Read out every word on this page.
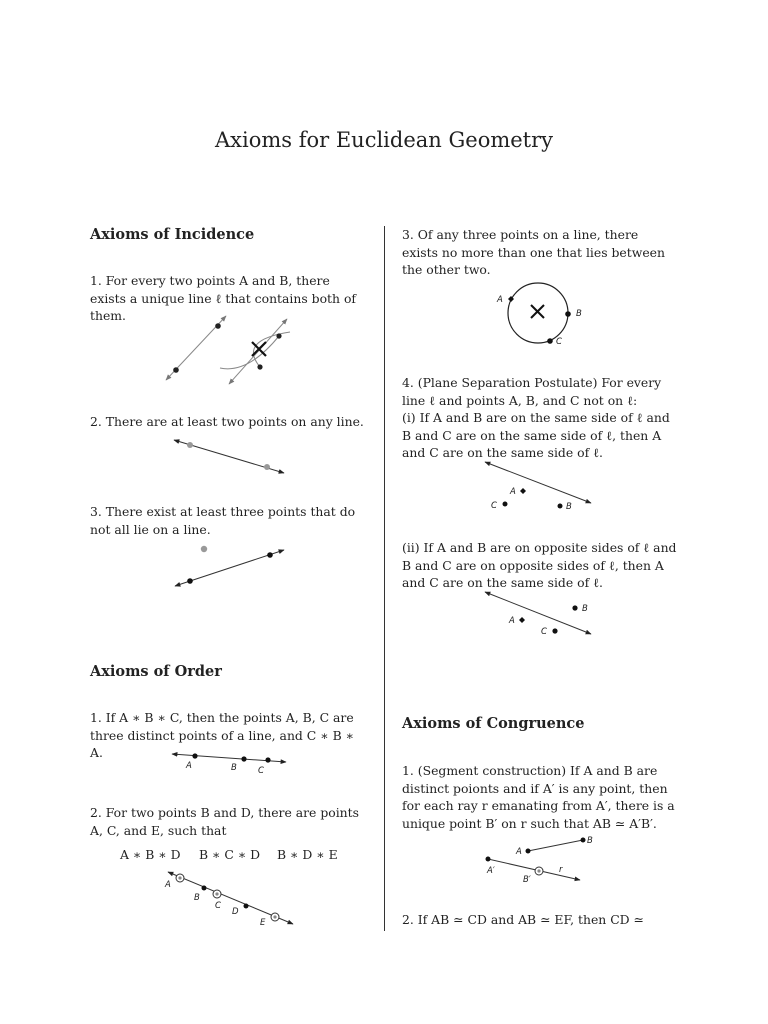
Axioms for Euclidean Geometry
Axioms of Incidence

1. For every two points A and B, there exists a unique line ℓ that contains both of them.

2. There are at least two points on any line.

3. There exist at least three points that do not all lie on a line.

Axioms of Order

1. If A ∗ B ∗ C, then the points A, B, C are three distinct points of a line, and C ∗ B ∗ A.

A	B C

2. For two points B and D, there are points A, C, and E, such that

A ∗ B ∗ D B ∗ C ∗ D B ∗ D ∗ E
A
B
C
D
E

3. Of any three points on a line, there exists no more than one that lies between the other two.

A
B
C

4. (Plane Separation Postulate) For every line ℓ and points A, B, and C not on ℓ:

(i) If A and B are on the same side of ℓ and B and C are on the same side of ℓ, then A and C are on the same side of ℓ.

A
C	B

(ii) If A and B are on opposite sides of ℓ and B and C are on opposite sides of ℓ, then A and C are on the same side of ℓ.

A
B
C
Axioms of Congruence

1. (Segment construction) If A and B are distinct poionts and if A′ is any point, then for each ray r emanating from A′, there is a unique point B′ on r such that AB ≃ A′B′.

A
B
A′
B′
r

2. If AB ≃ CD and AB ≃ EF, then CD ≃
